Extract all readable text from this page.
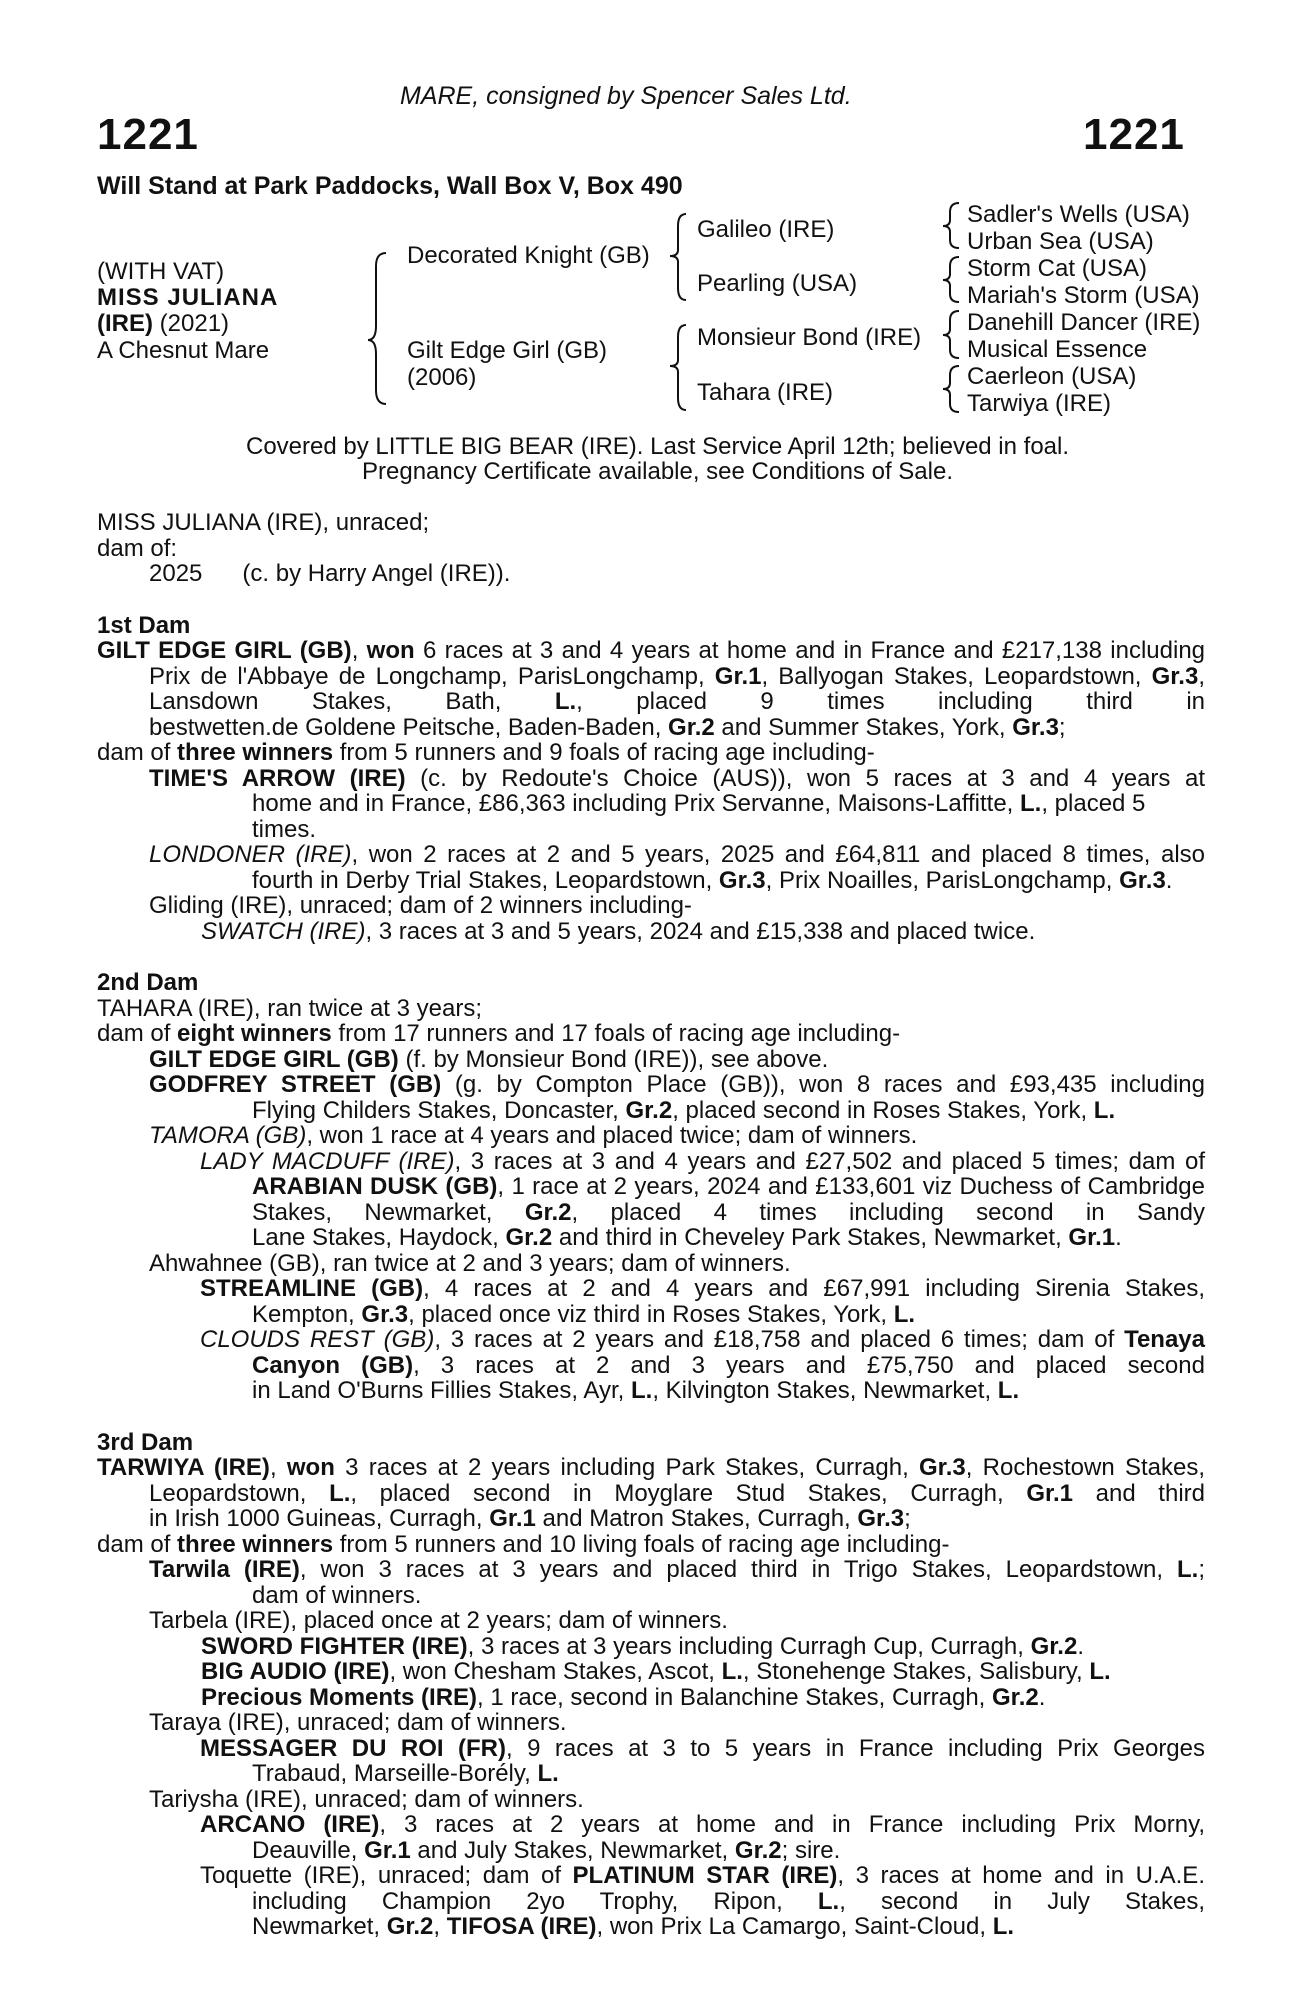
1221	1221
MARE, consigned by Spencer Sales Ltd.
Will Stand at Park Paddocks, Wall Box V, Box 490
(WITH VAT)
MISS JULIANA
(IRE) (2021)
A Chesnut Mare
Decorated Knight (GB)
Gilt Edge Girl (GB)
(2006)
Galileo (IRE)
Pearling (USA)
Monsieur Bond (IRE)
Tahara (IRE)
Sadler's Wells (USA)
Urban Sea (USA)
Storm Cat (USA)
Mariah's Storm (USA)
Danehill Dancer (IRE)
Musical Essence
Caerleon (USA)
Tarwiya (IRE)
Covered by LITTLE BIG BEAR (IRE). Last Service April 12th; believed in foal.
Pregnancy Certificate available, see Conditions of Sale.

MISS JULIANA (IRE), unraced;

dam of:

2025 (c. by Harry Angel (IRE)).

1st Dam

GILT EDGE GIRL (GB), won 6 races at 3 and 4 years at home and in France and £217,138 including Prix de l'Abbaye de Longchamp, ParisLongchamp, Gr.1, Ballyogan Stakes, Leopardstown, Gr.3, Lansdown Stakes, Bath, L., placed 9 times including third in

bestwetten.de Goldene Peitsche, Baden-Baden, Gr.2 and Summer Stakes, York, Gr.3;

dam of three winners from 5 runners and 9 foals of racing age including-

TIME'S ARROW (IRE) (c. by Redoute's Choice (AUS)), won 5 races at 3 and 4 years at

home and in France, £86,363 including Prix Servanne, Maisons-Laffitte, L., placed 5 times.

LONDONER (IRE), won 2 races at 2 and 5 years, 2025 and £64,811 and placed 8 times, also

fourth in Derby Trial Stakes, Leopardstown, Gr.3, Prix Noailles, ParisLongchamp, Gr.3.

Gliding (IRE), unraced; dam of 2 winners including-

SWATCH (IRE), 3 races at 3 and 5 years, 2024 and £15,338 and placed twice.

2nd Dam

TAHARA (IRE), ran twice at 3 years;

dam of eight winners from 17 runners and 17 foals of racing age including-

GILT EDGE GIRL (GB) (f. by Monsieur Bond (IRE)), see above.

GODFREY STREET (GB) (g. by Compton Place (GB)), won 8 races and £93,435 including

Flying Childers Stakes, Doncaster, Gr.2, placed second in Roses Stakes, York, L.

TAMORA (GB), won 1 race at 4 years and placed twice; dam of winners.

LADY MACDUFF (IRE), 3 races at 3 and 4 years and £27,502 and placed 5 times; dam of ARABIAN DUSK (GB), 1 race at 2 years, 2024 and £133,601 viz Duchess of Cambridge Stakes, Newmarket, Gr.2, placed 4 times including second in Sandy

Lane Stakes, Haydock, Gr.2 and third in Cheveley Park Stakes, Newmarket, Gr.1.

Ahwahnee (GB), ran twice at 2 and 3 years; dam of winners.

STREAMLINE (GB), 4 races at 2 and 4 years and £67,991 including Sirenia Stakes,

Kempton, Gr.3, placed once viz third in Roses Stakes, York, L.

CLOUDS REST (GB), 3 races at 2 years and £18,758 and placed 6 times; dam of Tenaya Canyon (GB), 3 races at 2 and 3 years and £75,750 and placed second

in Land O'Burns Fillies Stakes, Ayr, L., Kilvington Stakes, Newmarket, L.

3rd Dam

TARWIYA (IRE), won 3 races at 2 years including Park Stakes, Curragh, Gr.3, Rochestown Stakes, Leopardstown, L., placed second in Moyglare Stud Stakes, Curragh, Gr.1 and third

in Irish 1000 Guineas, Curragh, Gr.1 and Matron Stakes, Curragh, Gr.3;

dam of three winners from 5 runners and 10 living foals of racing age including-

Tarwila (IRE), won 3 races at 3 years and placed third in Trigo Stakes, Leopardstown, L.;

dam of winners.

Tarbela (IRE), placed once at 2 years; dam of winners.

SWORD FIGHTER (IRE), 3 races at 3 years including Curragh Cup, Curragh, Gr.2.

BIG AUDIO (IRE), won Chesham Stakes, Ascot, L., Stonehenge Stakes, Salisbury, L.

Precious Moments (IRE), 1 race, second in Balanchine Stakes, Curragh, Gr.2.

Taraya (IRE), unraced; dam of winners.

MESSAGER DU ROI (FR), 9 races at 3 to 5 years in France including Prix Georges

Trabaud, Marseille-Borély, L.

Tariysha (IRE), unraced; dam of winners.

ARCANO (IRE), 3 races at 2 years at home and in France including Prix Morny,

Deauville, Gr.1 and July Stakes, Newmarket, Gr.2; sire.

Toquette (IRE), unraced; dam of PLATINUM STAR (IRE), 3 races at home and in U.A.E. including Champion 2yo Trophy, Ripon, L., second in July Stakes,

Newmarket, Gr.2, TIFOSA (IRE), won Prix La Camargo, Saint-Cloud, L.
